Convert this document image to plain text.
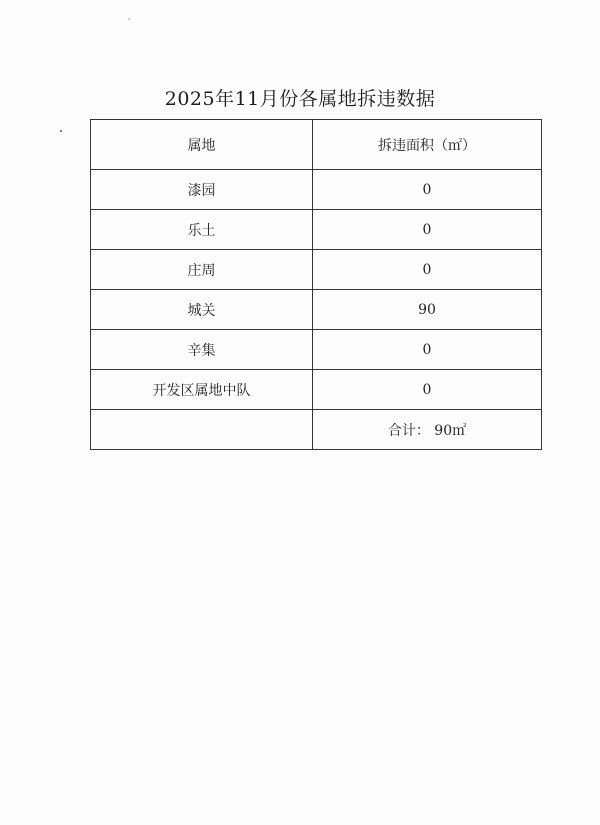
2025年11月份各属地拆违数据
属地	拆违面积（㎡）
漆园	0
乐土	0
庄周	0
城关	90
辛集	0
开发区属地中队	0
	合计： 90㎡
